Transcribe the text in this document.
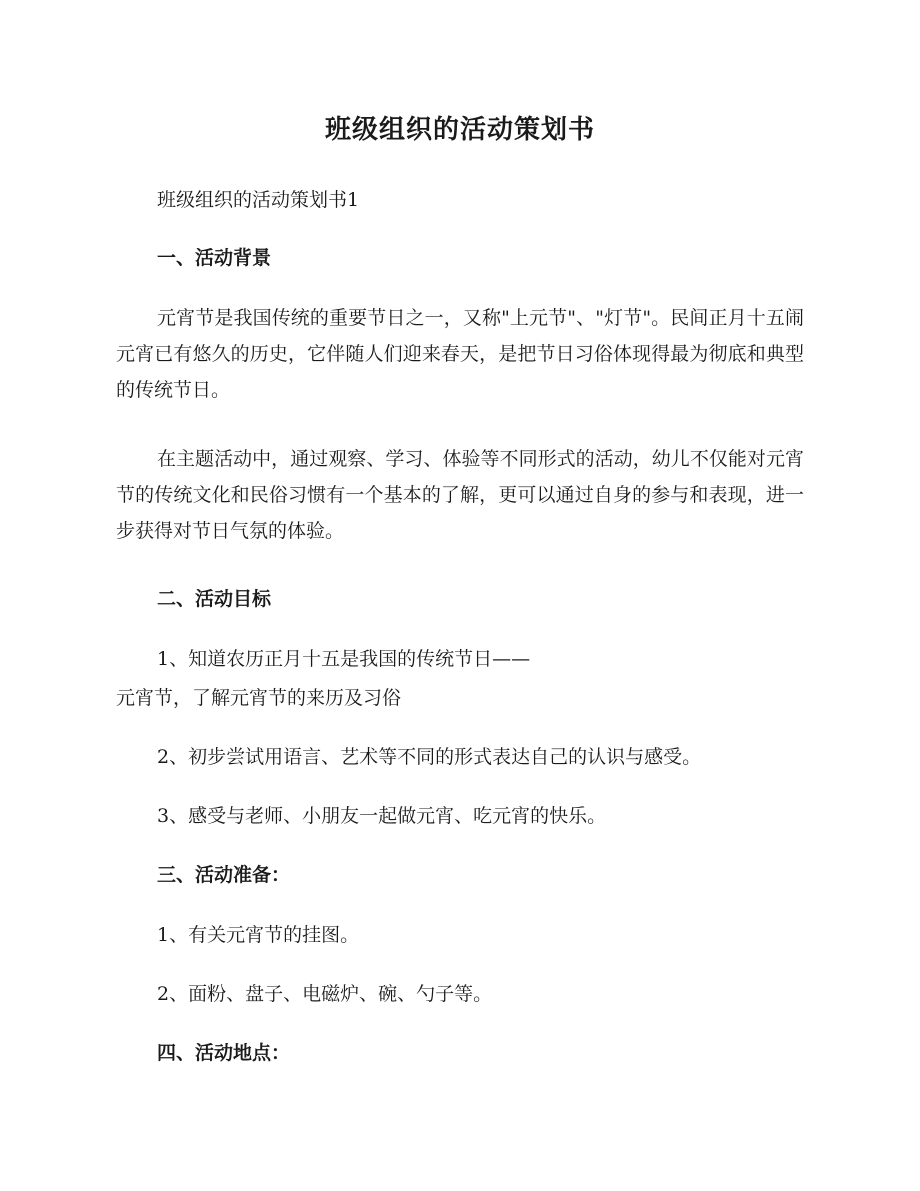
班级组织的活动策划书
班级组织的活动策划书1
一、活动背景
元宵节是我国传统的重要节日之一，又称"上元节"、"灯节"。民间正月十五闹元宵已有悠久的历史，它伴随人们迎来春天，是把节日习俗体现得最为彻底和典型的传统节日。
在主题活动中，通过观察、学习、体验等不同形式的活动，幼儿不仅能对元宵节的传统文化和民俗习惯有一个基本的了解，更可以通过自身的参与和表现，进一步获得对节日气氛的体验。
二、活动目标
1、知道农历正月十五是我国的传统节日——
元宵节，了解元宵节的来历及习俗
2、初步尝试用语言、艺术等不同的形式表达自己的认识与感受。
3、感受与老师、小朋友一起做元宵、吃元宵的快乐。
三、活动准备：
1、有关元宵节的挂图。
2、面粉、盘子、电磁炉、碗、勺子等。
四、活动地点：
